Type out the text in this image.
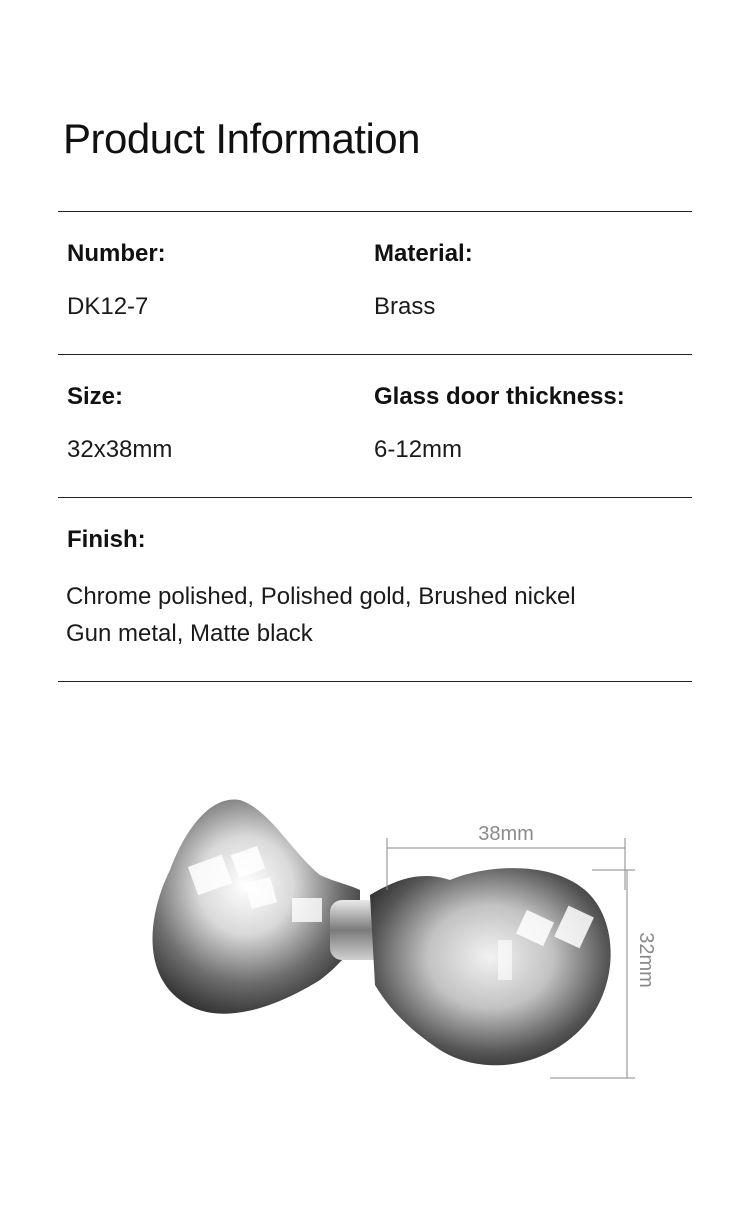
Product Information
Number:	Material:
DK12-7	Brass
Size:	Glass door thickness:
32x38mm	6-12mm
Finish:
Chrome polished, Polished gold, Brushed nickel
Gun metal, Matte black
38mm
32mm
